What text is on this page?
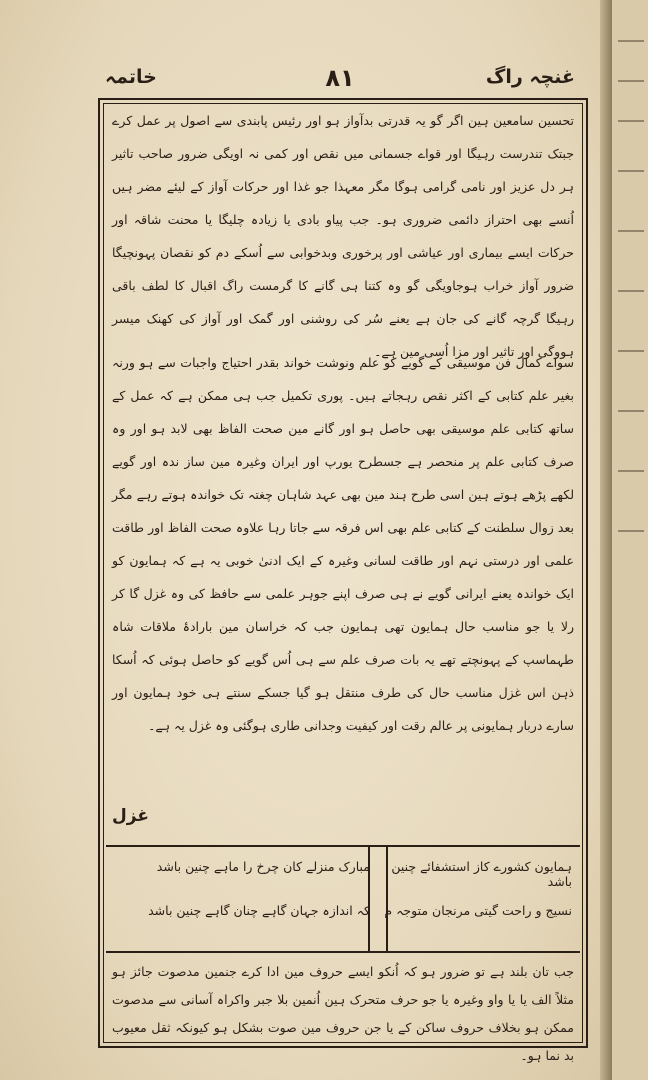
خاتمہ	۸۱	غنچہ راگ

تحسین سامعین ہین اگر گو یہ قدرتی بدآواز ہو اور رئیس پابندی سے اصول پر عمل کرے جبتک تندرست رہیگا اور قواے جسمانی میں نقص اور کمی نہ اویگی ضرور صاحب تاثیر ہر دل عزیز اور نامی گرامی ہوگا مگر معہذا جو غذا اور حرکات آواز کے لیئے مضر ہیں اُنسے بھی احتراز دائمی ضروری ہو۔ جب پیاو بادی یا زیادہ چلیگا یا محنت شاقہ اور حرکات ایسے بیماری اور عیاشی اور پرخوری وبدخوابی سے اُسکے دم کو نقصان پہونچیگا ضرور آواز خراب ہوجاویگی گو وہ کتنا ہی گانے کا گرمست راگ اقبال کا لطف باقی رہیگا گرچہ گانے کی جان ہے یعنے سُر کی روشنی اور گمک اور آواز کی کھنک میسر ہووگی اور تاثیر اور مزا اُسی مین ہے۔

سواے کمال فن موسیقی کے گویے کو علم ونوشت خواند بقدر احتیاج واجبات سے ہو ورنہ بغیر علم کتابی کے اکثر نقص رہجاتے ہیں۔ پوری تکمیل جب ہی ممکن ہے کہ عمل کے ساتھ کتابی علم موسیقی بھی حاصل ہو اور گانے مین صحت الفاظ بھی لابد ہو اور وہ صرف کتابی علم پر منحصر ہے جسطرح یورپ اور ایران وغیرہ مین ساز ندہ اور گویے لکھے پڑھے ہوتے ہین اسی طرح ہند مین بھی عہد شاہان چغتہ تک خواندہ ہوتے رہے مگر بعد زوال سلطنت کے کتابی علم بھی اس فرقہ سے جاتا رہا علاوہ صحت الفاظ اور طاقت علمی اور درستی نہم اور طاقت لسانی وغیرہ کے ایک ادنیٰ خوبی یہ ہے کہ ہمایون کو ایک خواندہ یعنے ایرانی گویے نے ہی صرف اپنے جوہر علمی سے حافظ کی وہ غزل گا کر رلا یا جو مناسب حال ہمایون تھی ہمایون جب کہ خراسان مین بارادۂ ملاقات شاہ طہماسپ کے پہونچتے تھے یہ بات صرف علم سے ہی اُس گویے کو حاصل ہوئی کہ اُسکا ذہن اس غزل مناسب حال کی طرف منتقل ہو گیا جسکے سنتے ہی خود ہمایون اور سارے دربار ہمایونی پر عالم رقت اور کیفیت وجدانی طاری ہوگئی وہ غزل یہ ہے۔

غزل
ہمایون کشورے کاز استشفائے چنین باشد
نسیج و راحت گیتی مرنجان متوجہ م
مبارک منزلے کان چرخ را ماہے چنین باشد
کہ اندازہ جہان گاہے چنان گاہے چنین باشد

جب تان بلند ہے تو ضرور ہو کہ اُنکو ایسے حروف مین ادا کرے جنمین مدصوت جائز ہو مثلاً الف یا یا واو وغیرہ یا جو حرف متحرک ہین اُنمین بلا جبر واکراہ آسانی سے مدصوت ممکن ہو بخلاف حروف ساکن کے یا جن حروف مین صوت بشکل ہو کیونکہ ثقل معیوب بد نما ہو۔
